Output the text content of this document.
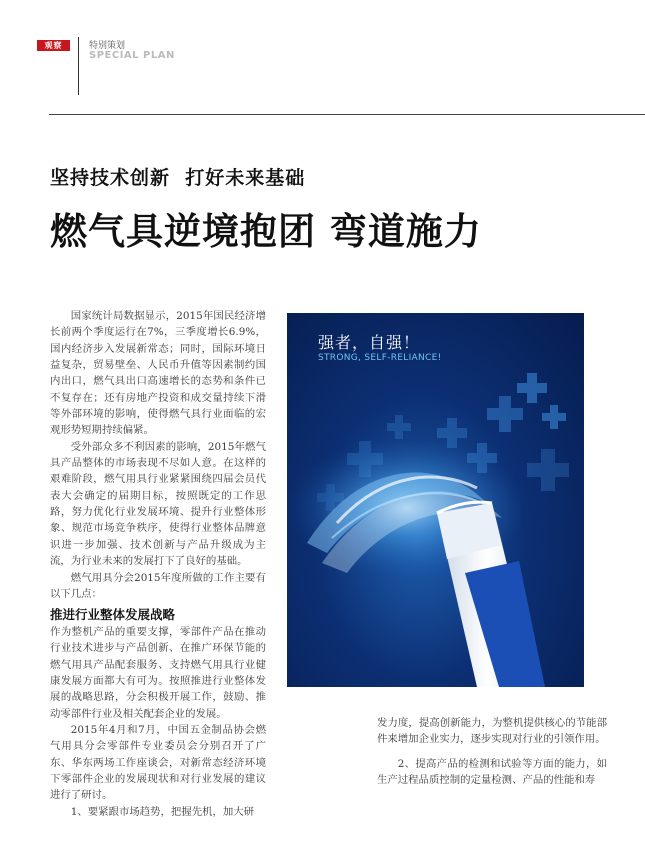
观察	特别策划
SPECIAL PLAN
坚持技术创新  打好未来基础
燃气具逆境抱团 弯道施力

国家统计局数据显示，2015年国民经济增长前两个季度运行在7%，三季度增长6.9%，国内经济步入发展新常态；同时，国际环境日益复杂，贸易壁垒、人民币升值等因素制约国内出口，燃气具出口高速增长的态势和条件已不复存在；还有房地产投资和成交量持续下滑等外部环境的影响，使得燃气具行业面临的宏观形势短期持续偏紧。

受外部众多不利因素的影响，2015年燃气具产品整体的市场表现不尽如人意。在这样的艰难阶段，燃气用具行业紧紧围绕四届会员代表大会确定的届期目标，按照既定的工作思路，努力优化行业发展环境、提升行业整体形象、规范市场竞争秩序，使得行业整体品牌意识进一步加强、技术创新与产品升级成为主流，为行业未来的发展打下了良好的基础。

燃气用具分会2015年度所做的工作主要有以下几点：

推进行业整体发展战略

作为整机产品的重要支撑，零部件产品在推动行业技术进步与产品创新、在推广环保节能的燃气用具产品配套服务、支持燃气用具行业健康发展方面都大有可为。按照推进行业整体发展的战略思路，分会积极开展工作，鼓励、推动零部件行业及相关配套企业的发展。

2015年4月和7月，中国五金制品协会燃气用具分会零部件专业委员会分别召开了广东、华东两场工作座谈会，对新常态经济环境下零部件企业的发展现状和对行业发展的建议进行了研讨。

1、要紧跟市场趋势，把握先机，加大研

发力度，提高创新能力，为整机提供核心的节能部件来增加企业实力，逐步实现对行业的引领作用。

2、提高产品的检测和试验等方面的能力，如生产过程品质控制的定量检测、产品的性能和寿

强者，自强！
STRONG, SELF-RELIANCE!
